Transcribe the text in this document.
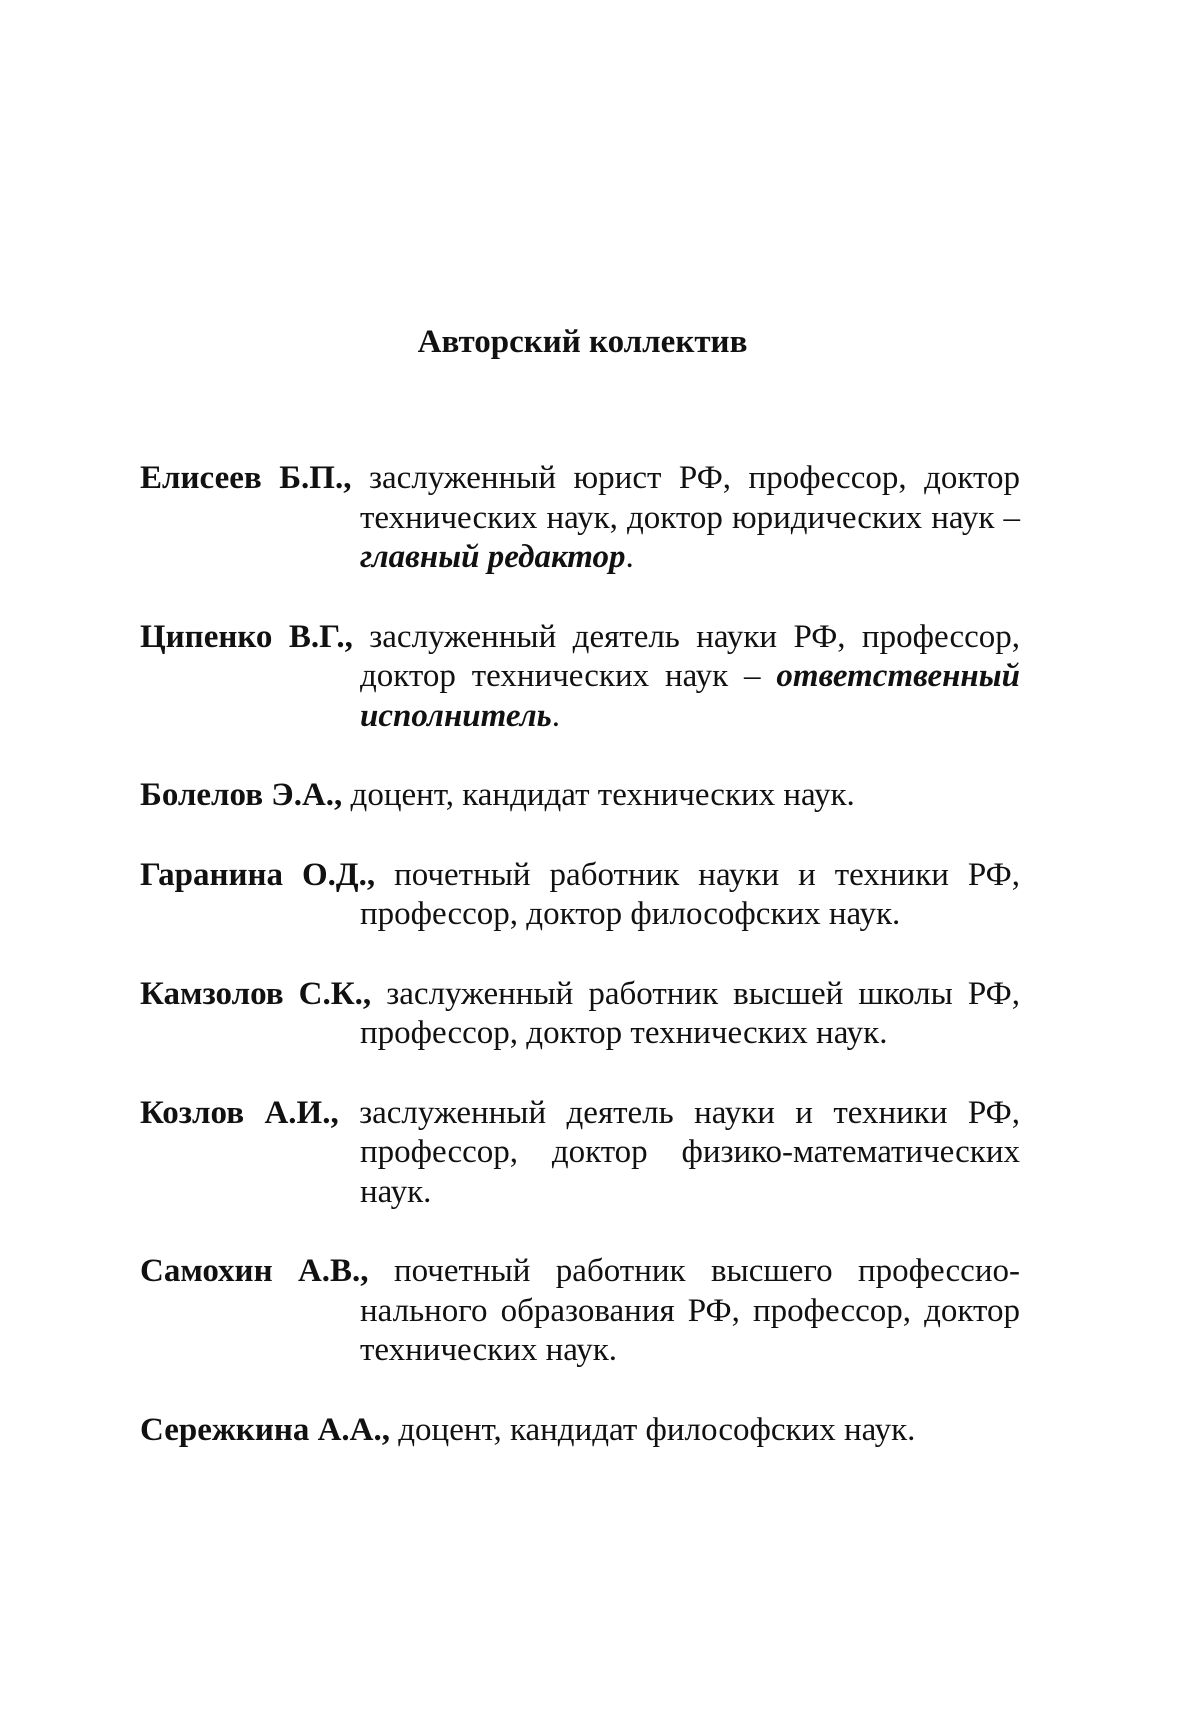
Авторский коллектив

Елисеев Б.П., заслуженный юрист РФ, профессор, доктор технических наук, доктор юридических наук – главный редактор.

Ципенко В.Г., заслуженный деятель науки РФ, профессор, доктор технических наук – ответственный исполнитель.

Болелов Э.А., доцент, кандидат технических наук.

Гаранина О.Д., почетный работник науки и техники РФ, профессор, доктор философских наук.

Камзолов С.К., заслуженный работник высшей школы РФ, профессор, доктор технических наук.

Козлов А.И., заслуженный деятель науки и техники РФ, профессор, доктор физико-математических наук.

Самохин А.В., почетный работник высшего профессионального образования РФ, профессор, доктор технических наук.

Сережкина А.А., доцент, кандидат философских наук.
